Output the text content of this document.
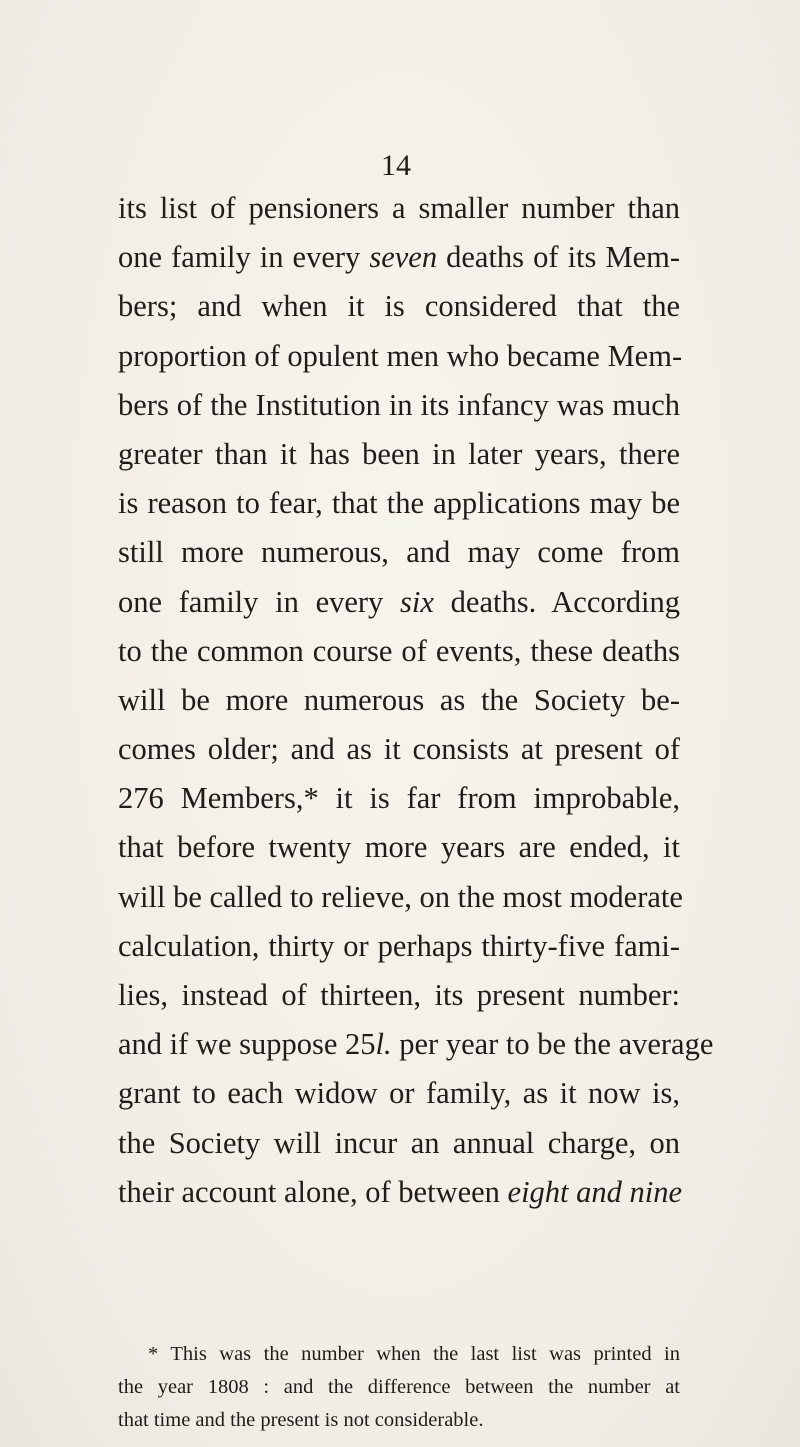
14
its list of pensioners a smaller number than
one family in every seven deaths of its Mem-
bers; and when it is considered that the
proportion of opulent men who became Mem-
bers of the Institution in its infancy was much
greater than it has been in later years, there
is reason to fear, that the applications may be
still more numerous, and may come from
one family in every six deaths. According
to the common course of events, these deaths
will be more numerous as the Society be-
comes older; and as it consists at present of
276 Members,* it is far from improbable,
that before twenty more years are ended, it
will be called to relieve, on the most moderate
calculation, thirty or perhaps thirty-five fami-
lies, instead of thirteen, its present number:
and if we suppose 25l. per year to be the average
grant to each widow or family, as it now is,
the Society will incur an annual charge, on
their account alone, of between eight and nine
* This was the number when the last list was printed in
the year 1808 : and the difference between the number at
that time and the present is not considerable.
